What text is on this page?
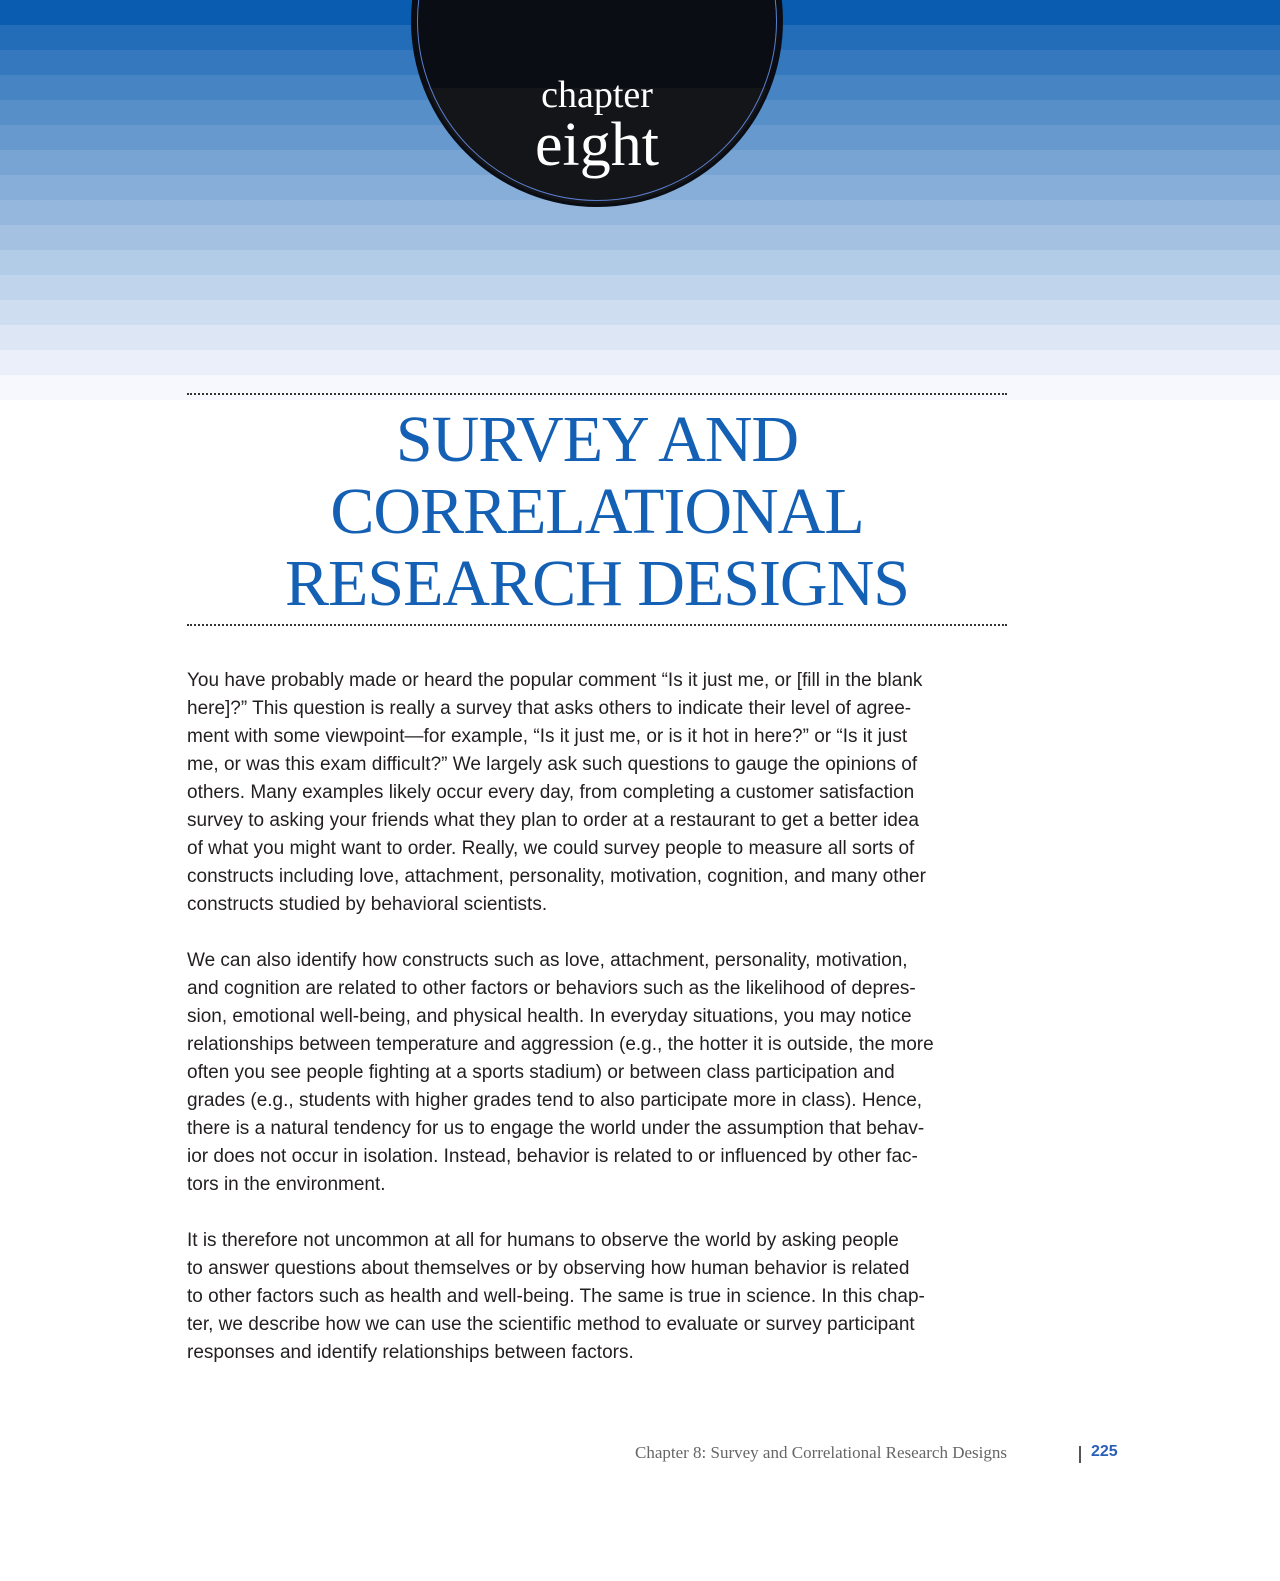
chapter
eight
SURVEY AND
CORRELATIONAL
RESEARCH DESIGNS
You have probably made or heard the popular comment “Is it just me, or [fill in the blank
here]?” This question is really a survey that asks others to indicate their level of agree-
ment with some viewpoint—for example, “Is it just me, or is it hot in here?” or “Is it just
me, or was this exam difficult?” We largely ask such questions to gauge the opinions of
others. Many examples likely occur every day, from completing a customer satisfaction
survey to asking your friends what they plan to order at a restaurant to get a better idea
of what you might want to order. Really, we could survey people to measure all sorts of
constructs including love, attachment, personality, motivation, cognition, and many other
constructs studied by behavioral scientists.
We can also identify how constructs such as love, attachment, personality, motivation,
and cognition are related to other factors or behaviors such as the likelihood of depres-
sion, emotional well-being, and physical health. In everyday situations, you may notice
relationships between temperature and aggression (e.g., the hotter it is outside, the more
often you see people fighting at a sports stadium) or between class participation and
grades (e.g., students with higher grades tend to also participate more in class). Hence,
there is a natural tendency for us to engage the world under the assumption that behav-
ior does not occur in isolation. Instead, behavior is related to or influenced by other fac-
tors in the environment.
It is therefore not uncommon at all for humans to observe the world by asking people
to answer questions about themselves or by observing how human behavior is related
to other factors such as health and well-being. The same is true in science. In this chap-
ter, we describe how we can use the scientific method to evaluate or survey participant
responses and identify relationships between factors.
Chapter 8: Survey and Correlational Research Designs	225
